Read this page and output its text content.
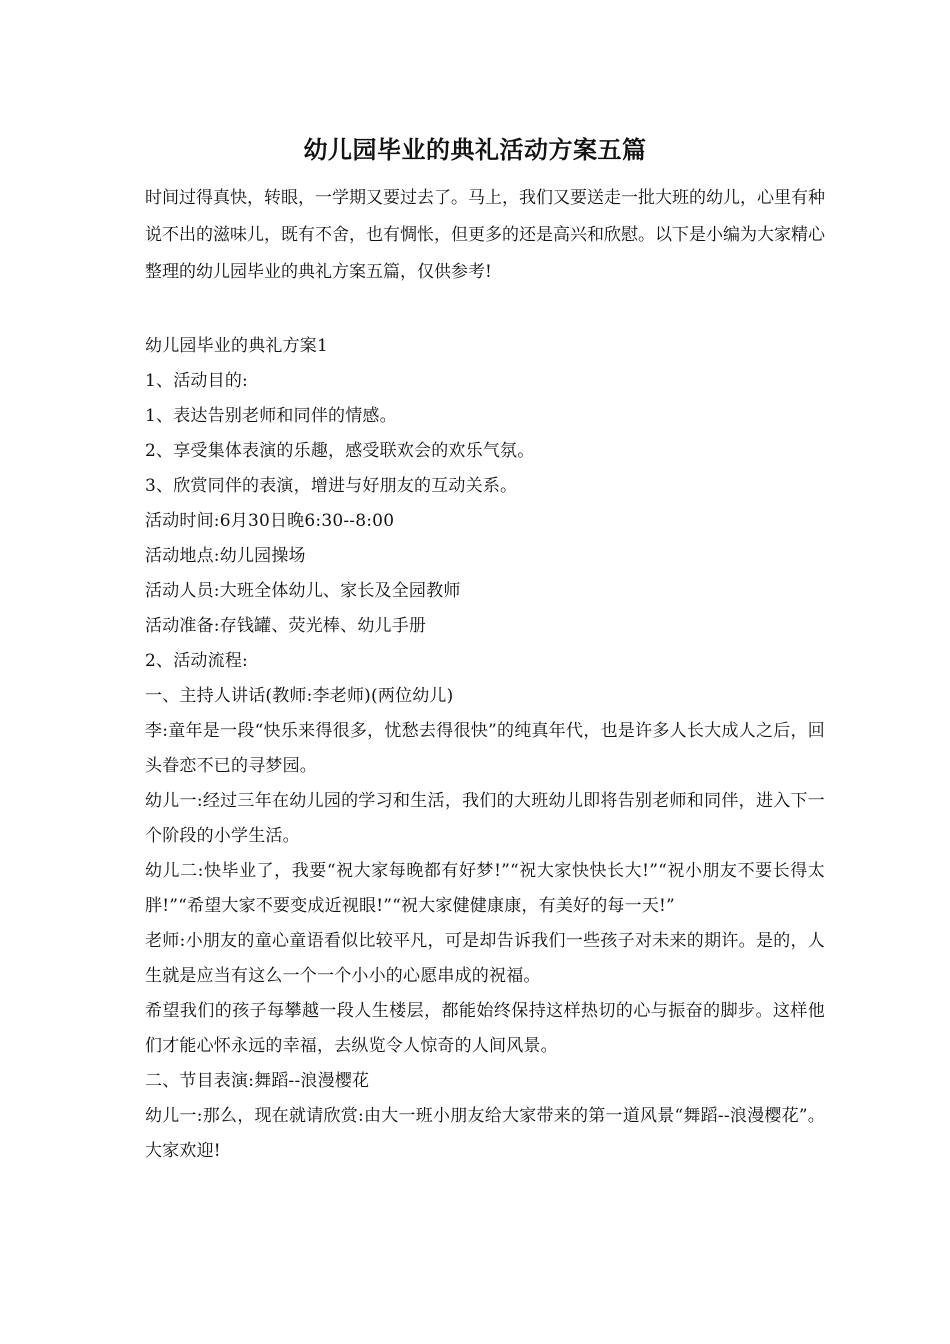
幼儿园毕业的典礼活动方案五篇

时间过得真快，转眼，一学期又要过去了。马上，我们又要送走一批大班的幼儿，心里有种说不出的滋味儿，既有不舍，也有惆怅，但更多的还是高兴和欣慰。以下是小编为大家精心整理的幼儿园毕业的典礼方案五篇，仅供参考!

幼儿园毕业的典礼方案1

1、活动目的:

1、表达告别老师和同伴的情感。

2、享受集体表演的乐趣，感受联欢会的欢乐气氛。

3、欣赏同伴的表演，增进与好朋友的互动关系。

活动时间:6月30日晚6:30--8:00

活动地点:幼儿园操场

活动人员:大班全体幼儿、家长及全园教师

活动准备:存钱罐、荧光棒、幼儿手册

2、活动流程:

一、主持人讲话(教师:李老师)(两位幼儿)

李:童年是一段“快乐来得很多，忧愁去得很快”的纯真年代，也是许多人长大成人之后，回头眷恋不已的寻梦园。

幼儿一:经过三年在幼儿园的学习和生活，我们的大班幼儿即将告别老师和同伴，进入下一个阶段的小学生活。

幼儿二:快毕业了，我要“祝大家每晚都有好梦!”“祝大家快快长大!”“祝小朋友不要长得太胖!”“希望大家不要变成近视眼!”“祝大家健健康康，有美好的每一天!”

老师:小朋友的童心童语看似比较平凡，可是却告诉我们一些孩子对未来的期许。是的，人生就是应当有这么一个一个小小的心愿串成的祝福。

希望我们的孩子每攀越一段人生楼层，都能始终保持这样热切的心与振奋的脚步。这样他们才能心怀永远的幸福，去纵览令人惊奇的人间风景。

二、节目表演:舞蹈--浪漫樱花

幼儿一:那么，现在就请欣赏:由大一班小朋友给大家带来的第一道风景“舞蹈--浪漫樱花”。大家欢迎!
